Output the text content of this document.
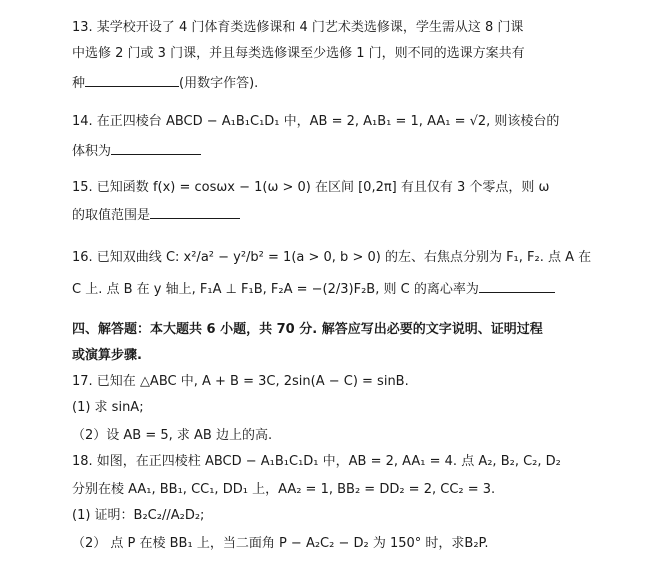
13. 某学校开设了 4 门体育类选修课和 4 门艺术类选修课，学生需从这 8 门课
中选修 2 门或 3 门课，并且每类选修课至少选修 1 门，则不同的选课方案共有
种	(用数字作答).
14. 在正四棱台 ABCD − A₁B₁C₁D₁ 中，AB = 2, A₁B₁ = 1, AA₁ = √2, 则该棱台的
体积为
15. 已知函数 f(x) = cosωx − 1(ω > 0) 在区间 [0,2π] 有且仅有 3 个零点，则 ω
的取值范围是
16. 已知双曲线 C: x²/a² − y²/b² = 1(a > 0, b > 0) 的左、右焦点分别为 F₁, F₂. 点 A 在
C 上. 点 B 在 y 轴上, F₁A ⊥ F₁B, F₂A = −(2/3)F₂B, 则 C 的离心率为
四、解答题：本大题共 6 小题，共 70 分. 解答应写出必要的文字说明、证明过程
或演算步骤.
17. 已知在 △ABC 中, A + B = 3C, 2sin(A − C) = sinB.
(1) 求 sinA;
（2）设 AB = 5, 求 AB 边上的高.
18. 如图，在正四棱柱 ABCD − A₁B₁C₁D₁ 中，AB = 2, AA₁ = 4. 点 A₂, B₂, C₂, D₂
分别在棱 AA₁, BB₁, CC₁, DD₁ 上，AA₂ = 1, BB₂ = DD₂ = 2, CC₂ = 3.
(1) 证明：B₂C₂//A₂D₂;
（2） 点 P 在棱 BB₁ 上，当二面角 P − A₂C₂ − D₂ 为 150° 时，求B₂P.
